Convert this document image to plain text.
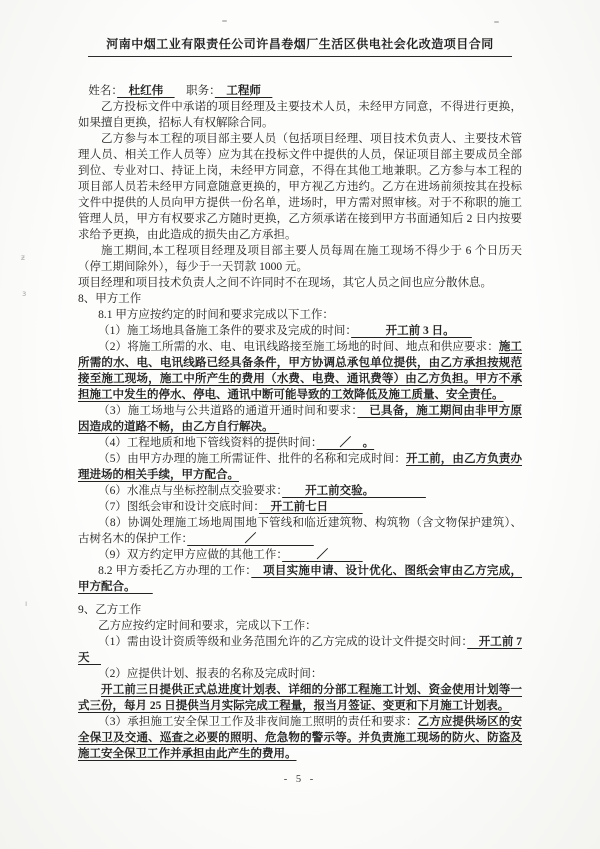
ᵶ
ɜ
ı
河南中烟工业有限责任公司许昌卷烟厂生活区供电社会化改造项目合同

姓名：　杜红伟　　职务：　工程师　

乙方投标文件中承诺的项目经理及主要技术人员，未经甲方同意，不得进行更换，如果擅自更换，招标人有权解除合同。

乙方参与本工程的项目部主要人员（包括项目经理、项目技术负责人、主要技术管理人员、相关工作人员等）应为其在投标文件中提供的人员，保证项目部主要成员全部到位、专业对口、持证上岗，未经甲方同意，不得在其他工地兼职。乙方参与本工程的项目部人员若未经甲方同意随意更换的，甲方视乙方违约。乙方在进场前须按其在投标文件中提供的人员向甲方提供一份名单，进场时，甲方需对照审核。对于不称职的施工管理人员，甲方有权要求乙方随时更换，乙方须承诺在接到甲方书面通知后 2 日内按要求给予更换，由此造成的损失由乙方承担。

施工期间,本工程项目经理及项目部主要人员每周在施工现场不得少于 6 个日历天（停工期间除外），每少于一天罚款 1000 元。

项目经理和项目技术负责人之间不许同时不在现场，其它人员之间也应分散休息。

8、甲方工作

8.1 甲方应按约定的时间和要求完成以下工作：

（1）施工场地具备施工条件的要求及完成的时间：　　　开工前 3 日。　　

（2）将施工所需的水、电、电讯线路接至施工场地的时间、地点和供应要求：施工所需的水、电、电讯线路已经具备条件，甲方协调总承包单位提供，由乙方承担按规范接至施工现场，施工中所产生的费用（水费、电费、通讯费等）由乙方负担。甲方不承担施工中发生的停水、停电、通讯中断可能导致的工效降低及施工质量、安全责任。

（3）施工场地与公共道路的通道开通时间和要求：　已具备，施工期间由非甲方原因造成的道路不畅，由乙方自行解决。　

（4）工程地质和地下管线资料的提供时间：　　／　。

（5）由甲方办理的施工所需证件、批件的名称和完成时间：开工前，由乙方负责办理进场的相关手续，甲方配合。

（6）水准点与坐标控制点交验要求：　　开工前交验。　　　　　

（7）图纸会审和设计交底时间：　开工前七日　　　

（8）协调处理施工场地周围地下管线和临近建筑物、构筑物（含文物保护建筑）、古树名木的保护工作：　　　　　／　　　　　

（9）双方约定甲方应做的其他工作：　　　／　　　

8.2 甲方委托乙方办理的工作：　项目实施申请、设计优化、图纸会审由乙方完成，甲方配合。　　

9、乙方工作

乙方应按约定时间和要求，完成以下工作：

（1）需由设计资质等级和业务范围允许的乙方完成的设计文件提交时间：　开工前 7 天　

（2）应提供计划、报表的名称及完成时间：

开工前三日提供正式总进度计划表、详细的分部工程施工计划、资金使用计划等一式三份，每月 25 日提供当月实际完成工程量，报当月签证、变更和下月施工计划表。

（3）承担施工安全保卫工作及非夜间施工照明的责任和要求：乙方应提供场区的安全保卫及交通、巡查之必要的照明、危急物的警示等。并负责施工现场的防火、防盗及施工安全保卫工作并承担由此产生的费用。

- 5 -
